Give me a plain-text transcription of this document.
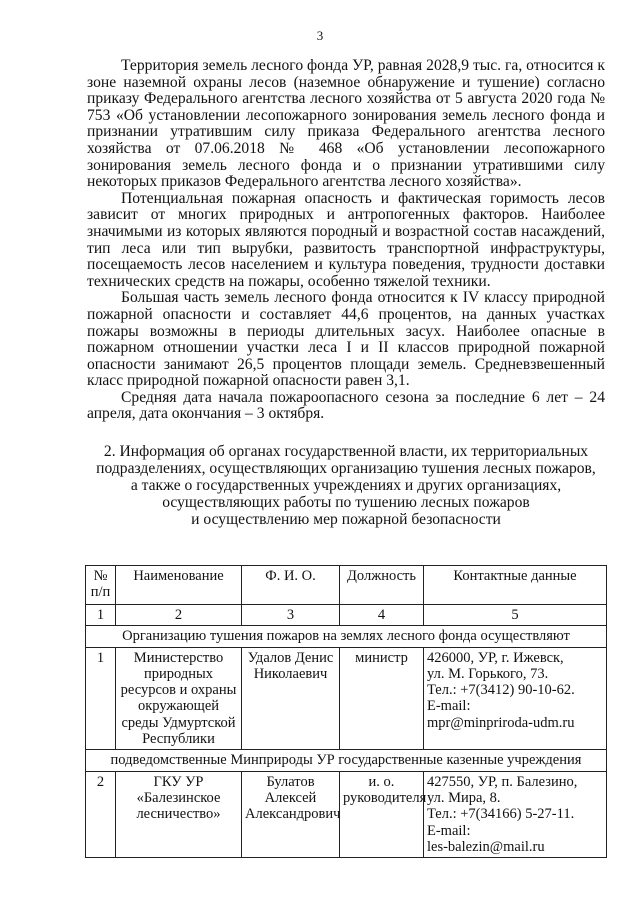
3

Территория земель лесного фонда УР, равная 2028,9 тыс. га, относится к зоне наземной охраны лесов (наземное обнаружение и тушение) согласно приказу Федерального агентства лесного хозяйства от 5 августа 2020 года № 753 «Об установлении лесопожарного зонирования земель лесного фонда и признании утратившим силу приказа Федерального агентства лесного хозяйства от 07.06.2018 № 468 «Об установлении лесопожарного зонирования земель лесного фонда и о признании утратившими силу некоторых приказов Федерального агентства лесного хозяйства».

Потенциальная пожарная опасность и фактическая горимость лесов зависит от многих природных и антропогенных факторов. Наиболее значимыми из которых являются породный и возрастной состав насаждений, тип леса или тип вырубки, развитость транспортной инфраструктуры, посещаемость лесов населением и культура поведения, трудности доставки технических средств на пожары, особенно тяжелой техники.

Большая часть земель лесного фонда относится к IV классу природной пожарной опасности и составляет 44,6 процентов, на данных участках пожары возможны в периоды длительных засух. Наиболее опасные в пожарном отношении участки леса I и II классов природной пожарной опасности занимают 26,5 процентов площади земель. Средневзвешенный класс природной пожарной опасности равен 3,1.

Средняя дата начала пожароопасного сезона за последние 6 лет – 24 апреля, дата окончания – 3 октября.

2. Информация об органах государственной власти, их территориальных
подразделениях, осуществляющих организацию тушения лесных пожаров,
а также о государственных учреждениях и других организациях,
осуществляющих работы по тушению лесных пожаров
и осуществлению мер пожарной безопасности
№ п/п	Наименование	Ф. И. О.	Должность	Контактные данные
1	2	3	4	5
Организацию тушения пожаров на землях лесного фонда осуществляют				
1	Министерство природных ресурсов и охраны окружающей среды Удмуртской Республики	Удалов Денис Николаевич	министр	426000, УР, г. Ижевск,
ул. М. Горького, 73.
Тел.: +7(3412) 90-10-62.
E-mail:
mpr@minpriroda-udm.ru

подведомственные Минприроды УР государственные казенные учреждения				
2	ГКУ УР «Балезинское лесничество»	Булатов Алексей Александрович	и. о. руководителя	427550, УР, п. Балезино,
ул. Мира, 8.
Тел.: +7(34166) 5-27-11.
E-mail:
les-balezin@mail.ru
